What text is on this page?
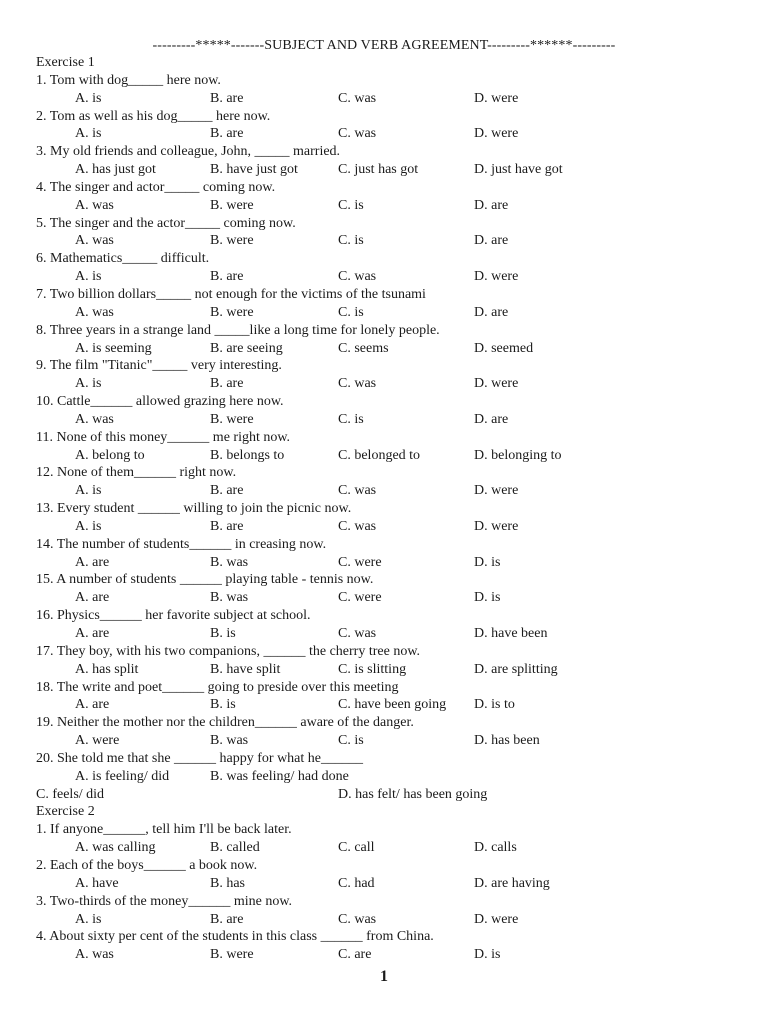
---------*****-------SUBJECT AND VERB AGREEMENT---------******---------
Exercise 1
1. Tom with dog_____ here now.
A. is	B. are	C. was	D. were
2. Tom as well as his dog_____ here now.
A. is	B. are	C. was	D. were
3. My old friends and colleague, John, _____ married.
A. has just got	B. have just got	C. just has got	D. just have got
4. The singer and actor_____ coming now.
A. was	B. were	C. is	D. are
5. The singer and the actor_____ coming now.
A. was	B. were	C. is	D. are
6. Mathematics_____ difficult.
A. is	B. are	C. was	D. were
7. Two billion dollars_____ not enough for the victims of the tsunami
A. was	B. were	C. is	D. are
8. Three years in a strange land _____like a long time for lonely people.
A. is seeming	B. are seeing	C. seems	D. seemed
9. The film "Titanic"_____ very interesting.
A. is	B. are	C. was	D. were
10. Cattle______ allowed grazing here now.
A. was	B. were	C. is	D. are
11. None of this money______ me right now.
A. belong to	B. belongs to	C. belonged to	D. belonging to
12. None of them______ right now.
A. is	B. are	C. was	D. were
13. Every student ______ willing to join the picnic now.
A. is	B. are	C. was	D. were
14. The number of students______ in creasing now.
A. are	B. was	C. were	D. is
15. A number of students ______ playing table - tennis now.
A. are	B. was	C. were	D. is
16. Physics______ her favorite subject at school.
A. are	B. is	C. was	D. have been
17. They boy, with his two companions, ______ the cherry tree now.
A. has split	B. have split	C. is slitting	D. are splitting
18. The write and poet______ going to preside over this meeting
A. are	B. is	C. have been going D. is to
19. Neither the mother nor the children______ aware of the danger.
A. were	B. was	C. is	D. has been
20. She told me that she ______ happy for what he______
A. is feeling/ did	B. was feeling/ had done
C. feels/ did	D. has felt/ has been going
Exercise 2
1. If anyone______, tell him I'll be back later.
A. was calling	B. called	C. call	D. calls
2. Each of the boys______ a book now.
A. have	B. has	C. had	D. are having
3. Two-thirds of the money______ mine now.
A. is	B. are	C. was	D. were
4. About sixty per cent of the students in this class ______ from China.
A. was	B. were	C. are	D. is
1
